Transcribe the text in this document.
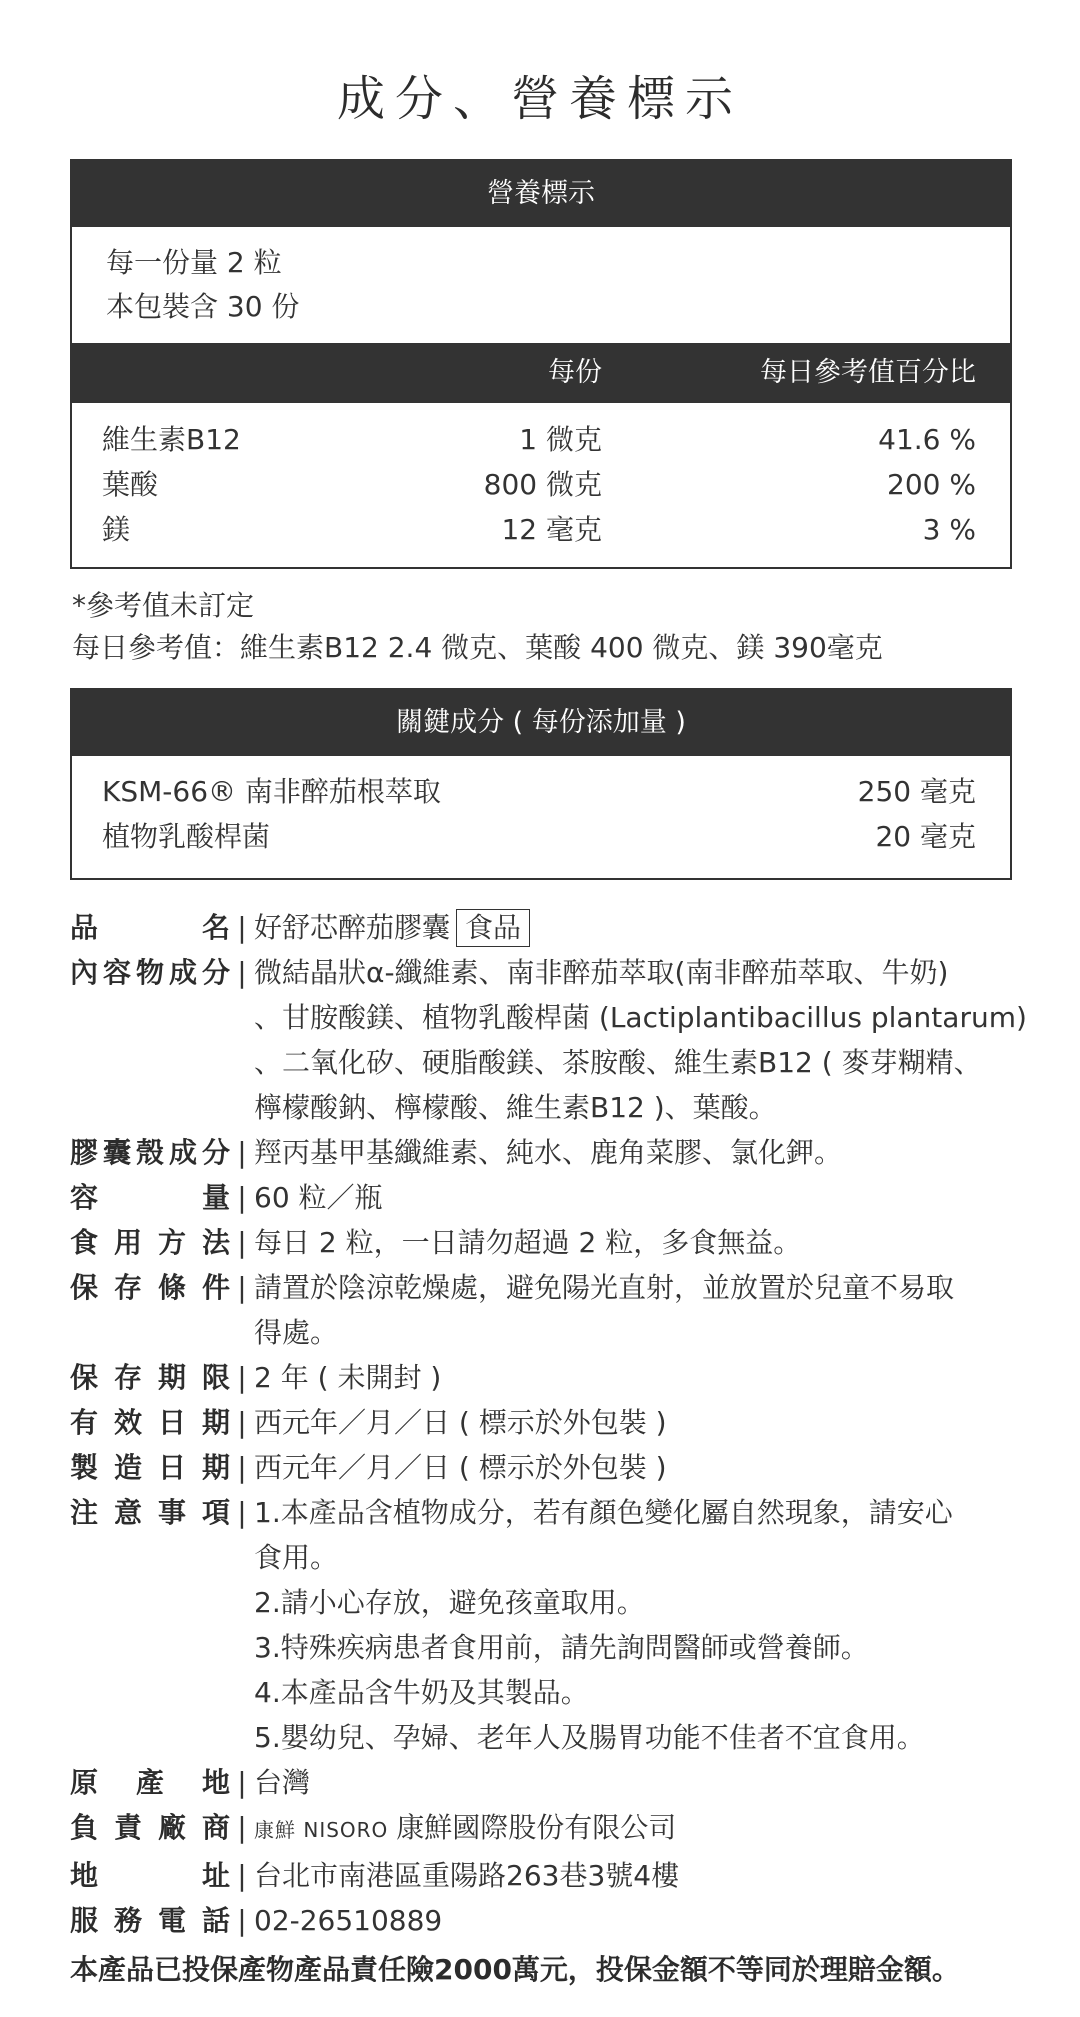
成分、營養標示
營養標示
每一份量 2 粒
本包裝含 30 份
每份	每日參考值百分比
維生素B12	1 微克	41.6 %
葉酸	800 微克	200 %
鎂	12 毫克	3 %
*參考值未訂定
每日參考值：維生素B12 2.4 微克、葉酸 400 微克、鎂 390毫克
關鍵成分 ( 每份添加量 )
KSM-66® 南非醉茄根萃取	250 毫克
植物乳酸桿菌	20 毫克
品名 | 好舒芯醉茄膠囊 食品
內容物成分 | 微結晶狀α-纖維素、南非醉茄萃取(南非醉茄萃取、牛奶)
、甘胺酸鎂、植物乳酸桿菌 (Lactiplantibacillus plantarum)
、二氧化矽、硬脂酸鎂、茶胺酸、維生素B12 ( 麥芽糊精、
檸檬酸鈉、檸檬酸、維生素B12 )、葉酸。
膠囊殼成分 | 羥丙基甲基纖維素、純水、鹿角菜膠、氯化鉀。
容量 | 60 粒／瓶
食用方法 | 每日 2 粒，一日請勿超過 2 粒，多食無益。
保存條件 | 請置於陰涼乾燥處，避免陽光直射，並放置於兒童不易取
得處。
保存期限 | 2 年 ( 未開封 )
有效日期 | 西元年／月／日 ( 標示於外包裝 )
製造日期 | 西元年／月／日 ( 標示於外包裝 )
注意事項 | 1.本產品含植物成分，若有顏色變化屬自然現象，請安心
食用。
2.請小心存放，避免孩童取用。
3.特殊疾病患者食用前，請先詢問醫師或營養師。
4.本產品含牛奶及其製品。
5.嬰幼兒、孕婦、老年人及腸胃功能不佳者不宜食用。
原產地 | 台灣
負責廠商 | 康鮮 NISORO 康鮮國際股份有限公司
地址 | 台北市南港區重陽路263巷3號4樓
服務電話 | 02-26510889
本產品已投保產物產品責任險2000萬元，投保金額不等同於理賠金額。
